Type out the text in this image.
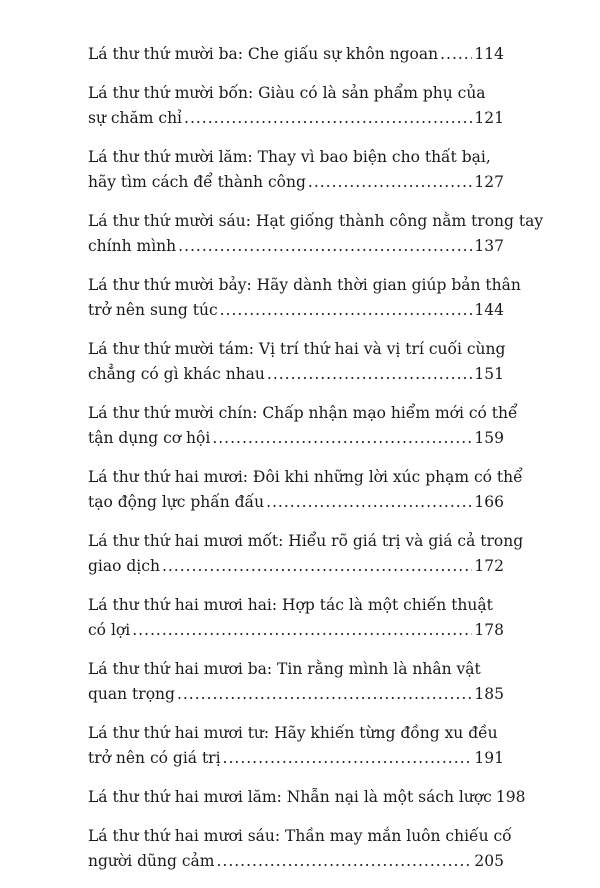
Lá thư thứ mười ba: Che giấu sự khôn ngoan ..... 114
Lá thư thứ mười bốn: Giàu có là sản phẩm phụ của
sự chăm chỉ .....	121
Lá thư thứ mười lăm: Thay vì bao biện cho thất bại,
hãy tìm cách để thành công .....	127
Lá thư thứ mười sáu: Hạt giống thành công nằm trong tay
chính mình .....	137
Lá thư thứ mười bảy: Hãy dành thời gian giúp bản thân
trở nên sung túc .....	144
Lá thư thứ mười tám: Vị trí thứ hai và vị trí cuối cùng
chẳng có gì khác nhau .....	151
Lá thư thứ mười chín: Chấp nhận mạo hiểm mới có thể
tận dụng cơ hội .....	159
Lá thư thứ hai mươi: Đôi khi những lời xúc phạm có thể
tạo động lực phấn đấu .....	166
Lá thư thứ hai mươi mốt: Hiểu rõ giá trị và giá cả trong
giao dịch .....	172
Lá thư thứ hai mươi hai: Hợp tác là một chiến thuật
có lợi .....	178
Lá thư thứ hai mươi ba: Tin rằng mình là nhân vật
quan trọng .....	185
Lá thư thứ hai mươi tư: Hãy khiến từng đồng xu đều
trở nên có giá trị .....	191
Lá thư thứ hai mươi lăm: Nhẫn nại là một sách lược 198
Lá thư thứ hai mươi sáu: Thần may mắn luôn chiếu cố
người dũng cảm .....	205
